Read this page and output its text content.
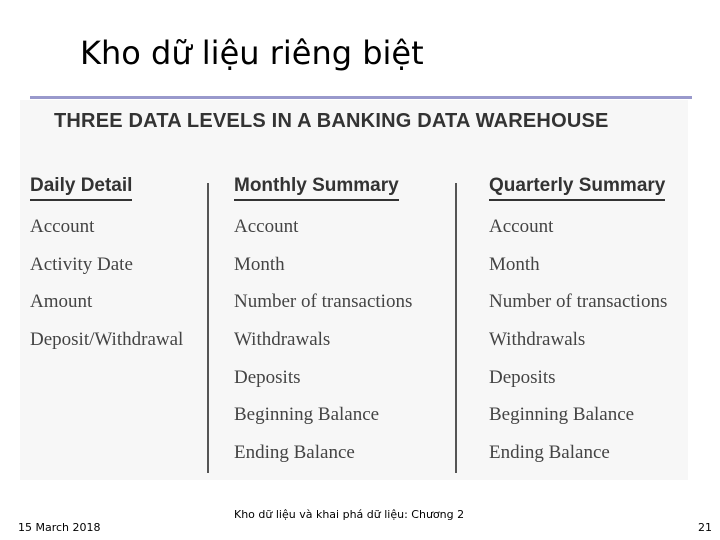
Kho dữ liệu riêng biệt
THREE DATA LEVELS IN A BANKING DATA WAREHOUSE
Daily Detail
Account
Activity Date
Amount
Deposit/Withdrawal
Monthly Summary
Account
Month
Number of transactions
Withdrawals
Deposits
Beginning Balance
Ending Balance
Quarterly Summary
Account
Month
Number of transactions
Withdrawals
Deposits
Beginning Balance
Ending Balance
15 March 2018
Kho dữ liệu và khai phá dữ liệu: Chương 2
21
